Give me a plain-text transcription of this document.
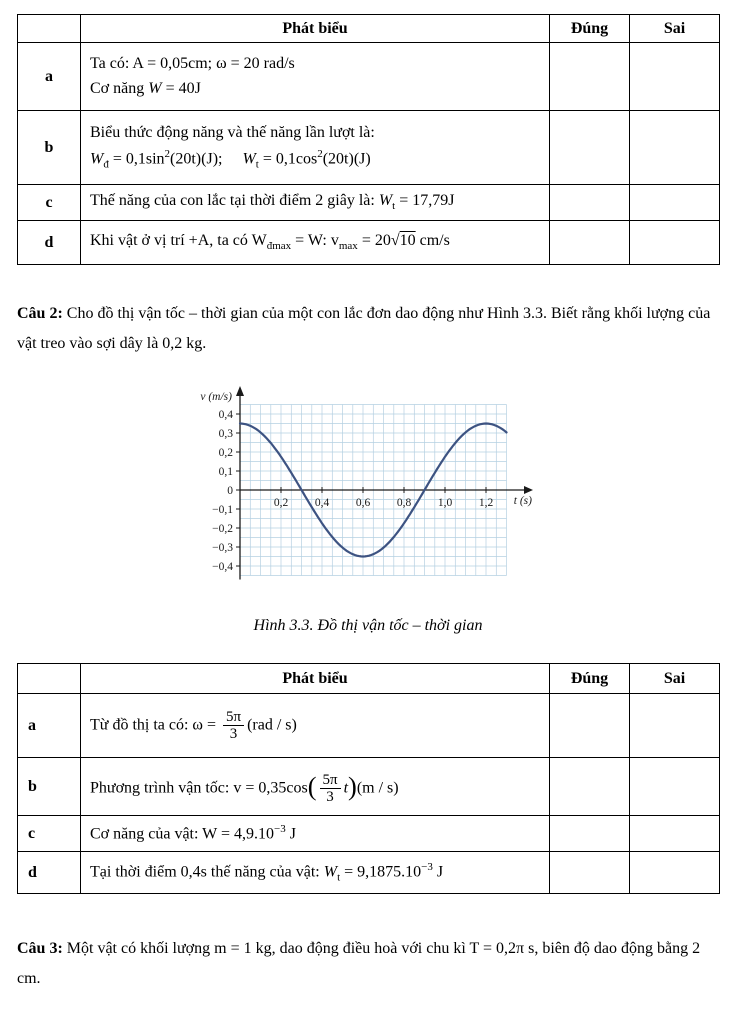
	Phát biểu	Đúng	Sai
a	Ta có: A = 0,05cm; ω = 20 rad/s
Cơ năng W = 40J		
b	Biểu thức động năng và thế năng lần lượt là:
$W_đ = 0,1\sin^2(20t)(J)$;  $W_t = 0,1\cos^2(20t)(J)$		
c	Thế năng của con lắc tại thời điểm 2 giây là: $W_t = 17,79J$		
d	Khi vật ở vị trí +A, ta có $W_{đmax} = W$: $v_{max} = 20√10$ cm/s		

Câu 2: Cho đồ thị vận tốc – thời gian của một con lắc đơn dao động như Hình 3.3. Biết rằng khối lượng của vật treo vào sợi dây là 0,2 kg.

0,4
0,3
0,2
0,1
0
−0,1
−0,2
−0,3
−0,4
0,2 0,4 0,6 0,8 1,0 1,2
v (m/s)
t (s)

Hình 3.3. Đồ thị vận tốc – thời gian

	Phát biểu	Đúng	Sai
a	Từ đồ thị ta có: $\omega = \frac{5\pi}{3} (rad / s)$		
b	Phương trình vận tốc: $v = 0,35\cos( \frac{5\pi}{3} t)(m / s)$		
c	Cơ năng của vật: $W = 4,9.10^{-3}$ J		
d	Tại thời điểm 0,4s thế năng của vật: $W_t = 9,1875.10^{-3}$ J		

Câu 3: Một vật có khối lượng m = 1 kg, dao động điều hoà với chu kì T = 0,2π s, biên độ dao động bằng 2 cm.
